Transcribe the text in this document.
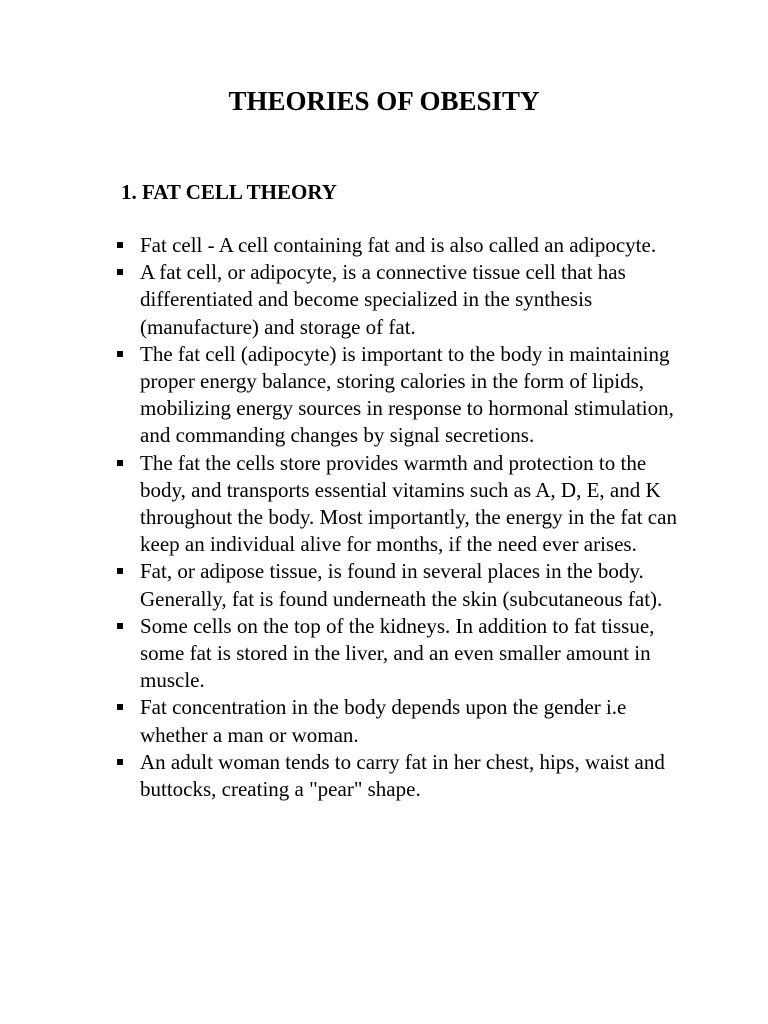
THEORIES OF OBESITY
1. FAT CELL THEORY
Fat cell - A cell containing fat and is also called an adipocyte.
A fat cell, or adipocyte, is a connective tissue cell that has differentiated and become specialized in the synthesis (manufacture) and storage of fat.
The fat cell (adipocyte) is important to the body in maintaining proper energy balance, storing calories in the form of lipids, mobilizing energy sources in response to hormonal stimulation, and commanding changes by signal secretions.
The fat the cells store provides warmth and protection to the body, and transports essential vitamins such as A, D, E, and K throughout the body. Most importantly, the energy in the fat can keep an individual alive for months, if the need ever arises.
Fat, or adipose tissue, is found in several places in the body. Generally, fat is found underneath the skin (subcutaneous fat).
Some cells on the top of the kidneys. In addition to fat tissue, some fat is stored in the liver, and an even smaller amount in muscle.
Fat concentration in the body depends upon the gender i.e whether a man or woman.
An adult woman tends to carry fat in her chest, hips, waist and buttocks, creating a "pear" shape.
